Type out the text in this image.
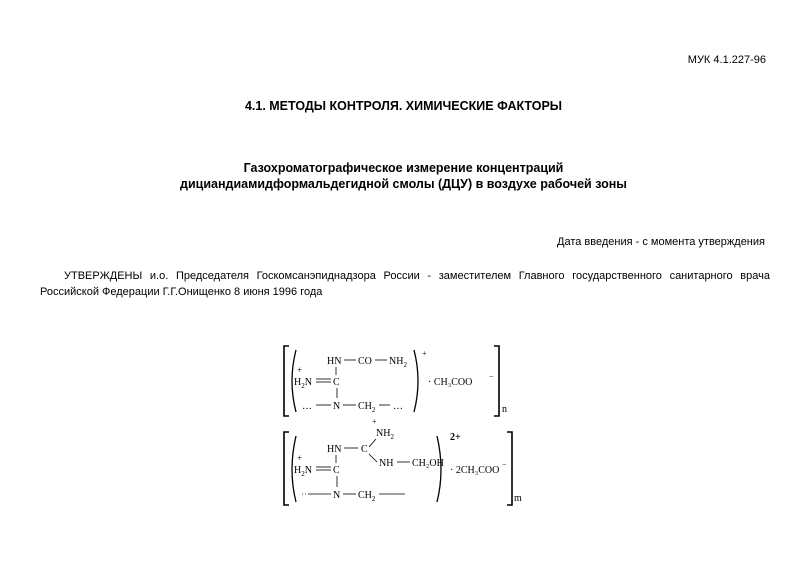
МУК 4.1.227-96
4.1. МЕТОДЫ КОНТРОЛЯ. ХИМИЧЕСКИЕ ФАКТОРЫ
Газохроматографическое измерение концентраций
дициандиамидформальдегидной смолы (ДЦУ) в воздухе рабочей зоны
Дата введения - с момента утверждения
УТВЕРЖДЕНЫ и.о. Председателя Госкомсанэпиднадзора России - заместителем Главного государственного санитарного врача Российской Федерации Г.Г.Онищенко 8 июня 1996 года
HN CO $NH_2$
+
$H_2N$ C
… N $CH_2$ …
+
· CH₃COO
−
n
+
$NH_2$
HN C
NH CH₂OH
+
$H_2N$ C
N $CH_2$
2+
· 2CH₃COO
−
m
